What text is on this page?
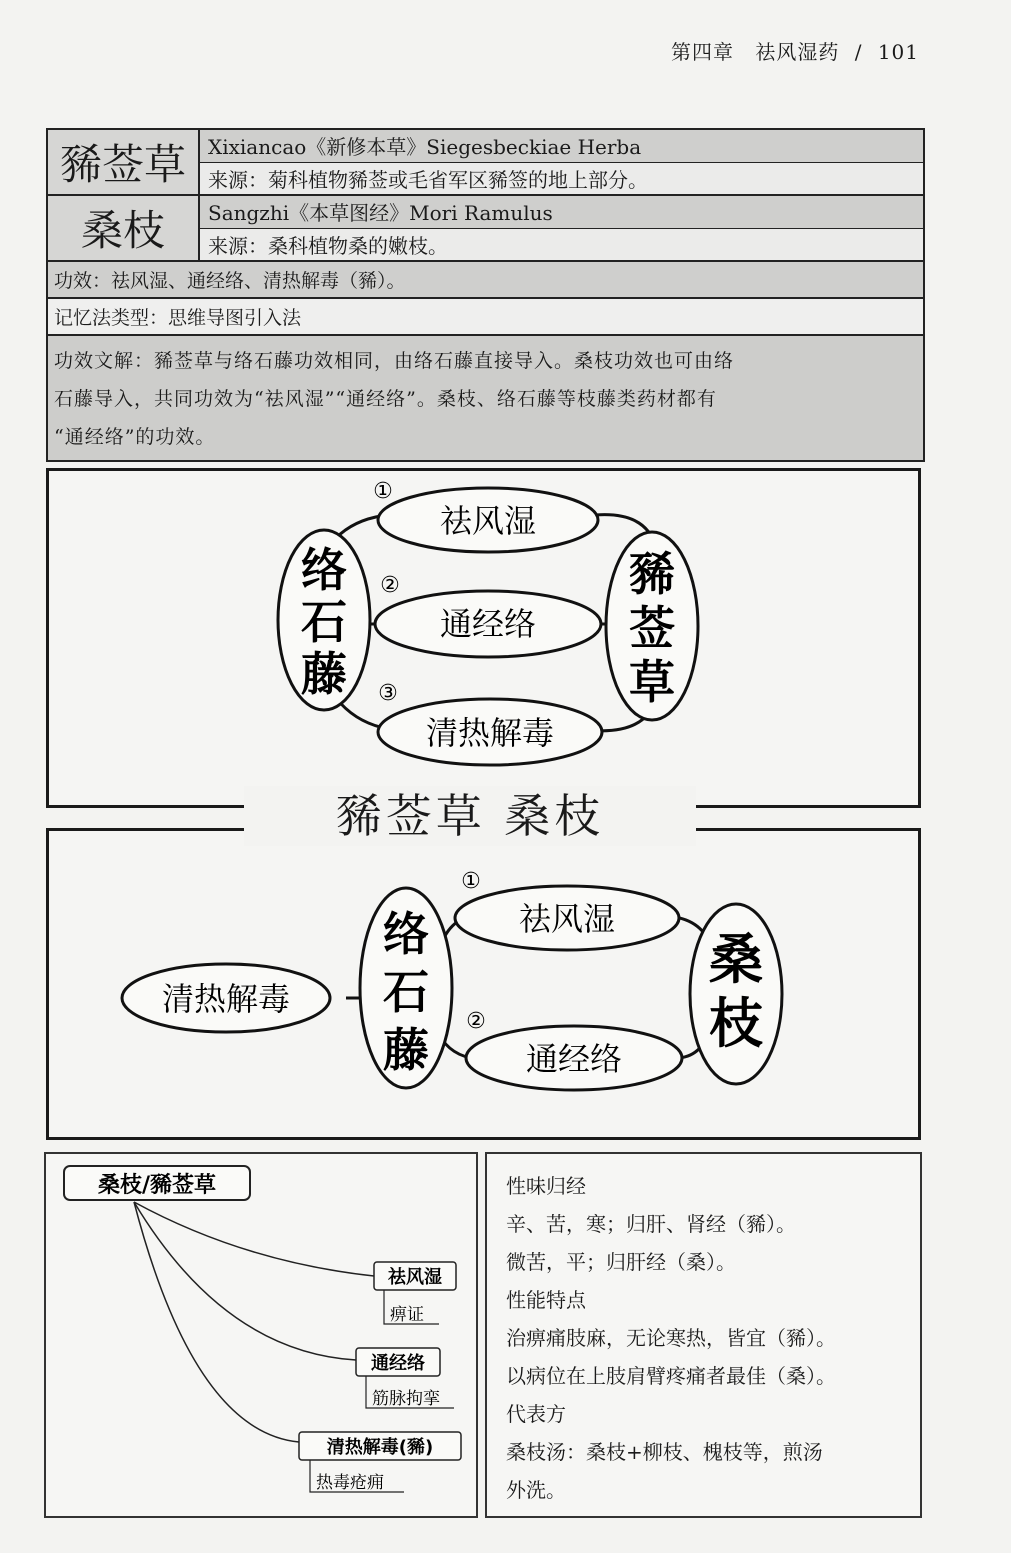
第四章 祛风湿药 / 101
豨莶草	Xixiancao《新修本草》Siegesbeckiae Herba
来源：菊科植物豨莶或毛省军区豨签的地上部分。
桑枝	Sangzhi《本草图经》Mori Ramulus
来源：桑科植物桑的嫩枝。
功效：祛风湿、通经络、清热解毒（豨）。
记忆法类型：思维导图引入法
功效文解：豨莶草与络石藤功效相同，由络石藤直接导入。桑枝功效也可由络
石藤导入，共同功效为“祛风湿”“通经络”。桑枝、络石藤等枝藤类药材都有
“通经络”的功效。
络
石
藤
豨
莶
草
祛风湿
①
通经络
②
清热解毒
③
豨莶草 桑枝
清热解毒
络
石
藤
桑
枝
祛风湿
①
通经络
②
桑枝/豨莶草
祛风湿
痹证
通经络
筋脉拘挛
清热解毒(豨)
热毒疮痈
性味归经
辛、苦，寒；归肝、肾经（豨）。
微苦，平；归肝经（桑）。
性能特点
治痹痛肢麻，无论寒热，皆宜（豨）。
以病位在上肢肩臂疼痛者最佳（桑）。
代表方
桑枝汤：桑枝+柳枝、槐枝等，煎汤
外洗。
